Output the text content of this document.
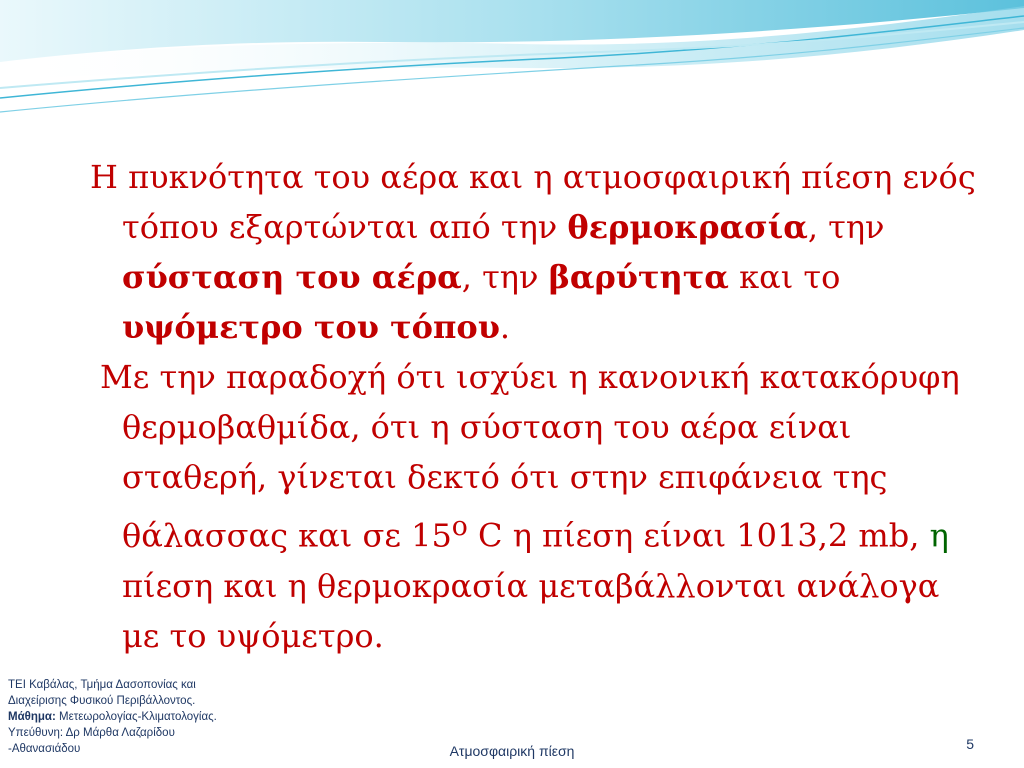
Η πυκνότητα του αέρα και η ατμοσφαιρική πίεση ενός τόπου εξαρτώνται από την θερμοκρασία, την σύσταση του αέρα, την βαρύτητα και το υψόμετρο του τόπου.

Με την παραδοχή ότι ισχύει η κανονική κατακόρυφη θερμοβαθμίδα, ότι η σύσταση του αέρα είναι σταθερή, γίνεται δεκτό ότι στην επιφάνεια της θάλασσας και σε $15^o$ C η πίεση είναι 1013,2 mb, η πίεση και η θερμοκρασία μεταβάλλονται ανάλογα με το υψόμετρο.

ΤΕΙ Καβάλας, Τμήμα Δασοπονίας και
Διαχείρισης Φυσικού Περιβάλλοντος.
Μάθημα: Μετεωρολογίας-Κλιματολογίας.
Υπεύθυνη: Δρ Μάρθα Λαζαρίδου
-Αθανασιάδου	Ατμοσφαιρική πίεση	5
